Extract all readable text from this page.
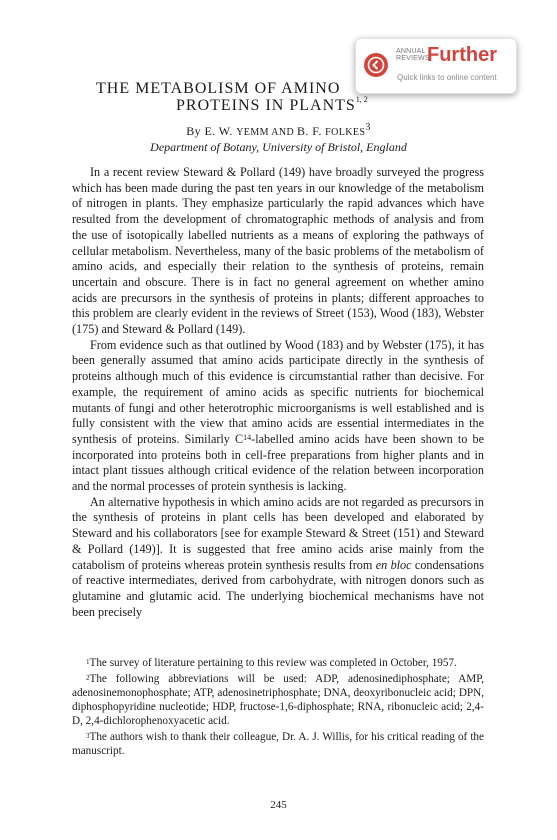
THE METABOLISM OF AMINO
PROTEINS IN PLANTS$^{1, 2}$
ANNUAL
REVIEWS
Further
Quick links to online content
By E. W. YEMM AND B. F. FOLKES$^3$
Department of Botany, University of Bristol, England

In a recent review Steward & Pollard (149) have broadly surveyed the progress which has been made during the past ten years in our knowledge of the metabolism of nitrogen in plants. They emphasize particularly the rapid advances which have resulted from the development of chromatographic methods of analysis and from the use of isotopically labelled nutrients as a means of exploring the pathways of cellular metabolism. Nevertheless, many of the basic problems of the metabolism of amino acids, and especially their relation to the synthesis of proteins, remain uncertain and obscure. There is in fact no general agreement on whether amino acids are precursors in the synthesis of proteins in plants; different approaches to this problem are clearly evident in the reviews of Street (153), Wood (183), Webster (175) and Steward & Pollard (149).

From evidence such as that outlined by Wood (183) and by Webster (175), it has been generally assumed that amino acids participate directly in the synthesis of proteins although much of this evidence is circumstantial rather than decisive. For example, the requirement of amino acids as specific nutrients for biochemical mutants of fungi and other heterotrophic microorganisms is well established and is fully consistent with the view that amino acids are essential intermediates in the synthesis of proteins. Similarly $C^{14}$-labelled amino acids have been shown to be incorporated into proteins both in cell-free preparations from higher plants and in intact plant tissues although critical evidence of the relation between incorporation and the normal processes of protein synthesis is lacking.

An alternative hypothesis in which amino acids are not regarded as precursors in the synthesis of proteins in plant cells has been developed and elaborated by Steward and his collaborators [see for example Steward & Street (151) and Steward & Pollard (149)]. It is suggested that free amino acids arise mainly from the catabolism of proteins whereas protein synthesis results from en bloc condensations of reactive intermediates, derived from carbohydrate, with nitrogen donors such as glutamine and glutamic acid. The underlying biochemical mechanisms have not been precisely

$^1$The survey of literature pertaining to this review was completed in October, 1957.

$^2$The following abbreviations will be used: ADP, adenosinediphosphate; AMP, adenosinemonophosphate; ATP, adenosinetriphosphate; DNA, deoxyribonucleic acid; DPN, diphosphopyridine nucleotide; HDP, fructose-1,6-diphosphate; RNA, ribonucleic acid; 2,4-D, 2,4-dichlorophenoxyacetic acid.

$^3$The authors wish to thank their colleague, Dr. A. J. Willis, for his critical reading of the manuscript.

245
